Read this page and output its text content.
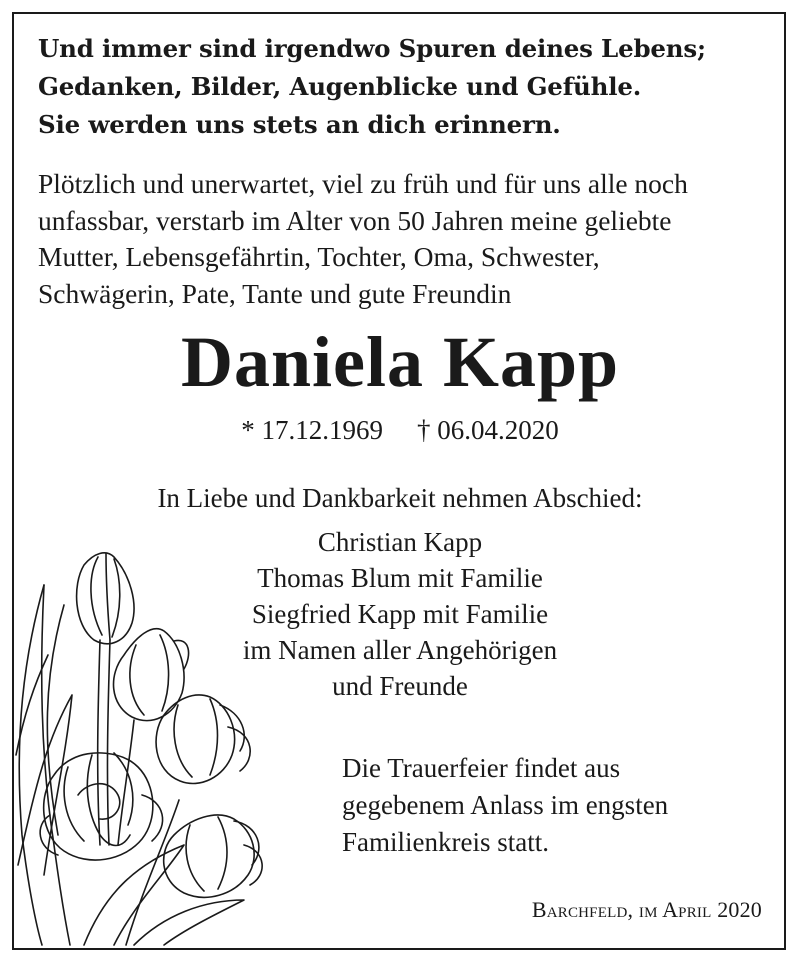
Und immer sind irgendwo Spuren deines Lebens;
Gedanken, Bilder, Augenblicke und Gefühle.
Sie werden uns stets an dich erinnern.
Plötzlich und unerwartet, viel zu früh und für uns alle noch
unfassbar, verstarb im Alter von 50 Jahren meine geliebte
Mutter, Lebensgefährtin, Tochter, Oma, Schwester,
Schwägerin, Pate, Tante und gute Freundin
Daniela Kapp
* 17.12.1969 † 06.04.2020
In Liebe und Dankbarkeit nehmen Abschied:
Christian Kapp
Thomas Blum mit Familie
Siegfried Kapp mit Familie
im Namen aller Angehörigen
und Freunde
Die Trauerfeier findet aus
gegebenem Anlass im engsten
Familienkreis statt.
Barchfeld, im April 2020
